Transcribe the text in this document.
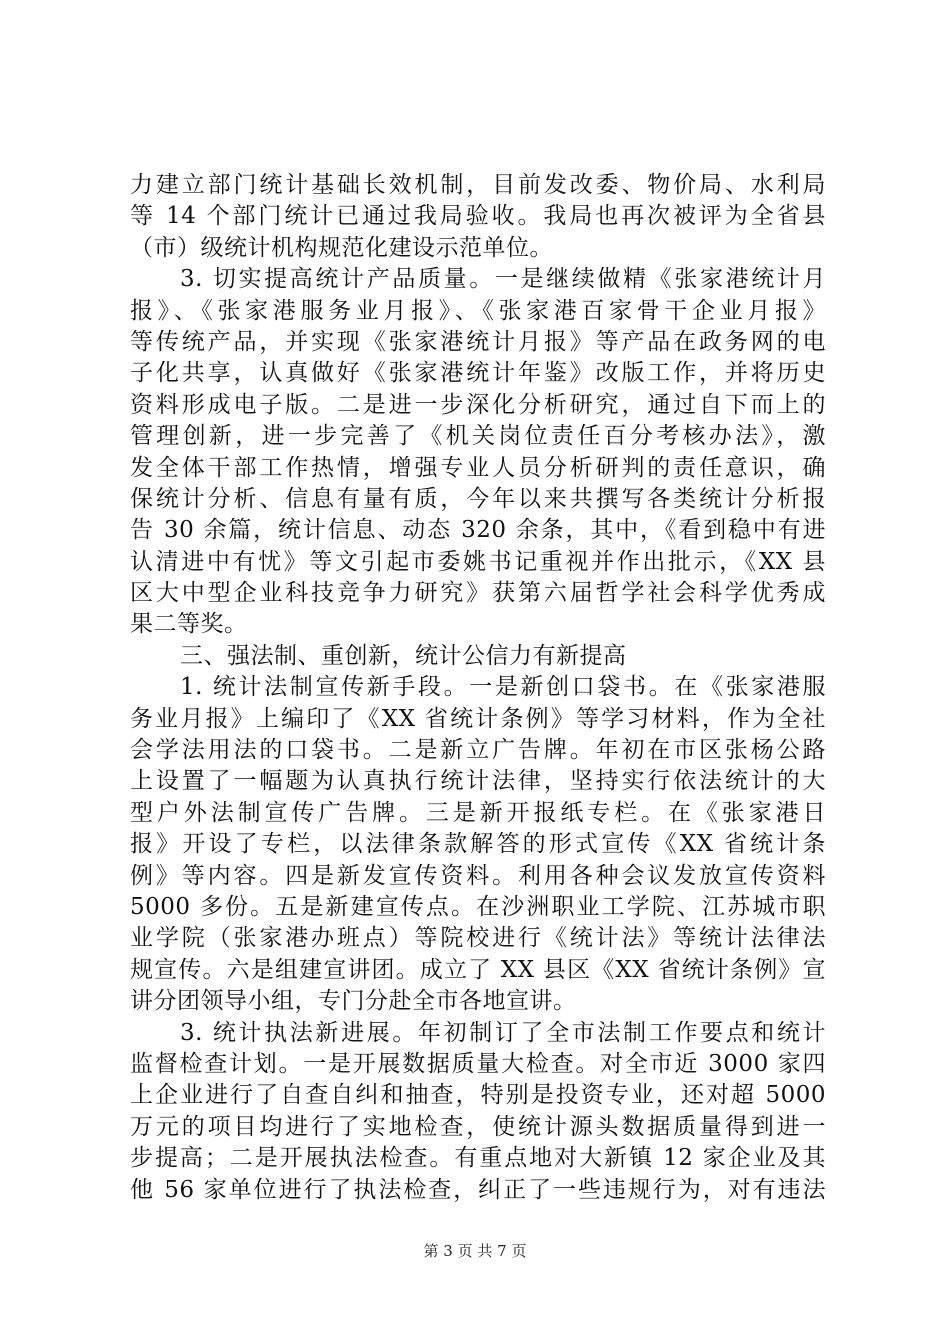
力建立部门统计基础长效机制，目前发改委、物价局、水利局
等 14 个部门统计已通过我局验收。我局也再次被评为全省县
（市）级统计机构规范化建设示范单位。
3. 切实提高统计产品质量。一是继续做精《张家港统计月
报》、《张家港服务业月报》、《张家港百家骨干企业月报》
等传统产品，并实现《张家港统计月报》等产品在政务网的电
子化共享，认真做好《张家港统计年鉴》改版工作，并将历史
资料形成电子版。二是进一步深化分析研究，通过自下而上的
管理创新，进一步完善了《机关岗位责任百分考核办法》，激
发全体干部工作热情，增强专业人员分析研判的责任意识，确
保统计分析、信息有量有质，今年以来共撰写各类统计分析报
告 30 余篇，统计信息、动态 320 余条，其中，《看到稳中有进
认清进中有忧》等文引起市委姚书记重视并作出批示，《XX 县
区大中型企业科技竞争力研究》获第六届哲学社会科学优秀成
果二等奖。
三、强法制、重创新，统计公信力有新提高
1. 统计法制宣传新手段。一是新创口袋书。在《张家港服
务业月报》上编印了《XX 省统计条例》等学习材料，作为全社
会学法用法的口袋书。二是新立广告牌。年初在市区张杨公路
上设置了一幅题为认真执行统计法律，坚持实行依法统计的大
型户外法制宣传广告牌。三是新开报纸专栏。在《张家港日
报》开设了专栏，以法律条款解答的形式宣传《XX 省统计条
例》等内容。四是新发宣传资料。利用各种会议发放宣传资料
5000 多份。五是新建宣传点。在沙洲职业工学院、江苏城市职
业学院（张家港办班点）等院校进行《统计法》等统计法律法
规宣传。六是组建宣讲团。成立了 XX 县区《XX 省统计条例》宣
讲分团领导小组，专门分赴全市各地宣讲。
3. 统计执法新进展。年初制订了全市法制工作要点和统计
监督检查计划。一是开展数据质量大检查。对全市近 3000 家四
上企业进行了自查自纠和抽查，特别是投资专业，还对超 5000
万元的项目均进行了实地检查，使统计源头数据质量得到进一
步提高；二是开展执法检查。有重点地对大新镇 12 家企业及其
他 56 家单位进行了执法检查，纠正了一些违规行为，对有违法
第 3 页 共 7 页
